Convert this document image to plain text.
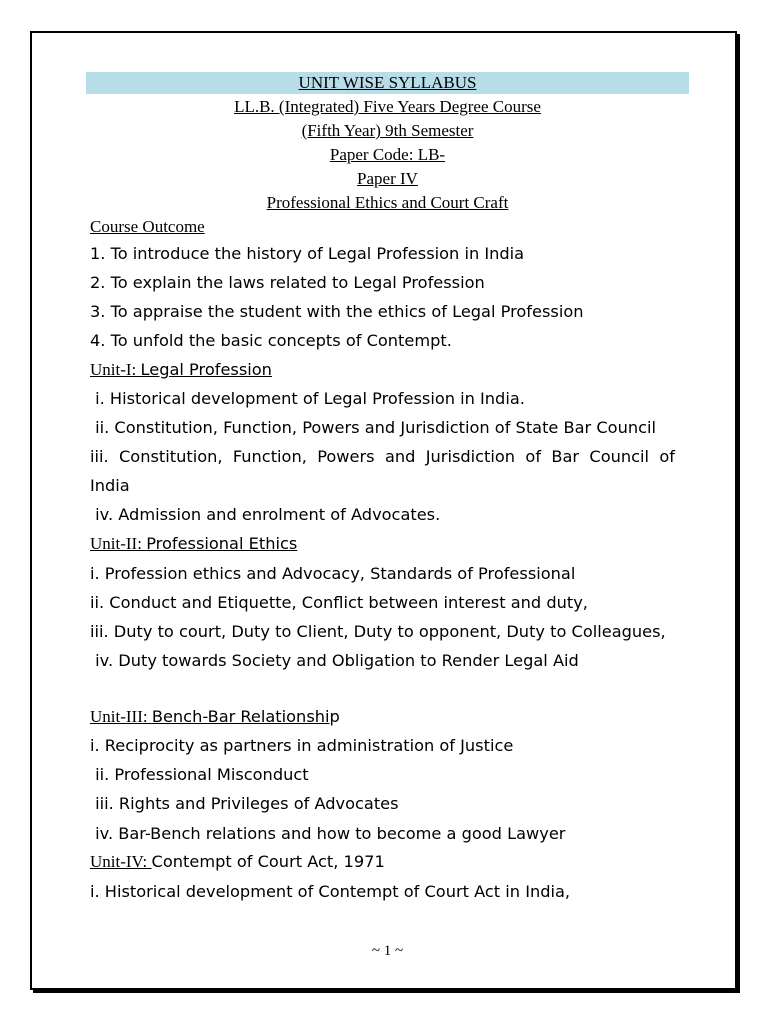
UNIT WISE SYLLABUS
LL.B. (Integrated) Five Years Degree Course
(Fifth Year) 9th Semester
Paper Code: LB-
Paper IV
Professional Ethics and Court Craft
Course Outcome
1. To introduce the history of Legal Profession in India
2. To explain the laws related to Legal Profession
3. To appraise the student with the ethics of Legal Profession
4. To unfold the basic concepts of Contempt.
Unit-I: Legal Profession
i. Historical development of Legal Profession in India.
ii. Constitution, Function, Powers and Jurisdiction of State Bar Council
iii. Constitution, Function, Powers and Jurisdiction of Bar Council of
India
iv. Admission and enrolment of Advocates.
Unit-II: Professional Ethics
i. Profession ethics and Advocacy, Standards of Professional
ii. Conduct and Etiquette, Conflict between interest and duty,
iii. Duty to court, Duty to Client, Duty to opponent, Duty to Colleagues,
iv. Duty towards Society and Obligation to Render Legal Aid
Unit-III: Bench-Bar Relationship
i. Reciprocity as partners in administration of Justice
ii. Professional Misconduct
iii. Rights and Privileges of Advocates
iv. Bar-Bench relations and how to become a good Lawyer
Unit-IV: Contempt of Court Act, 1971
i. Historical development of Contempt of Court Act in India,
~ 1 ~
